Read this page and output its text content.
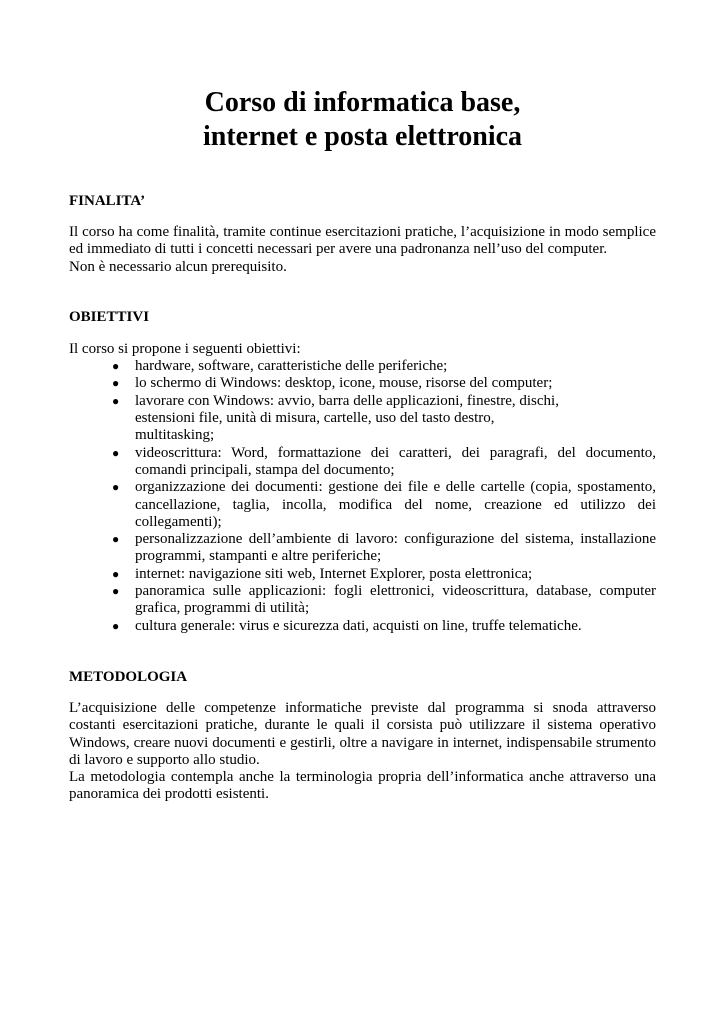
Corso di informatica base,
internet e posta elettronica
FINALITA’
Il corso ha come finalità, tramite continue esercitazioni pratiche, l’acquisizione in modo semplice ed immediato di tutti i concetti necessari per avere una padronanza nell’uso del computer.
Non è necessario alcun prerequisito.
OBIETTIVI

Il corso si propone i seguenti obiettivi:

● hardware, software, caratteristiche delle periferiche;
● lo schermo di Windows: desktop, icone, mouse, risorse del computer;
● lavorare con Windows: avvio, barra delle applicazioni, finestre, dischi, estensioni file, unità di misura, cartelle, uso del tasto destro, multitasking;
● videoscrittura: Word, formattazione dei caratteri, dei paragrafi, del documento, comandi principali, stampa del documento;
● organizzazione dei documenti: gestione dei file e delle cartelle (copia, spostamento, cancellazione, taglia, incolla, modifica del nome, creazione ed utilizzo dei collegamenti);
● personalizzazione dell’ambiente di lavoro: configurazione del sistema, installazione programmi, stampanti e altre periferiche;
● internet: navigazione siti web, Internet Explorer, posta elettronica;
● panoramica sulle applicazioni: fogli elettronici, videoscrittura, database, computer grafica, programmi di utilità;
● cultura generale: virus e sicurezza dati, acquisti on line, truffe telematiche.
METODOLOGIA
L’acquisizione delle competenze informatiche previste dal programma si snoda attraverso costanti esercitazioni pratiche, durante le quali il corsista può utilizzare il sistema operativo Windows, creare nuovi documenti e gestirli, oltre a navigare in internet, indispensabile strumento di lavoro e supporto allo studio.
La metodologia contempla anche la terminologia propria dell’informatica anche attraverso una panoramica dei prodotti esistenti.
